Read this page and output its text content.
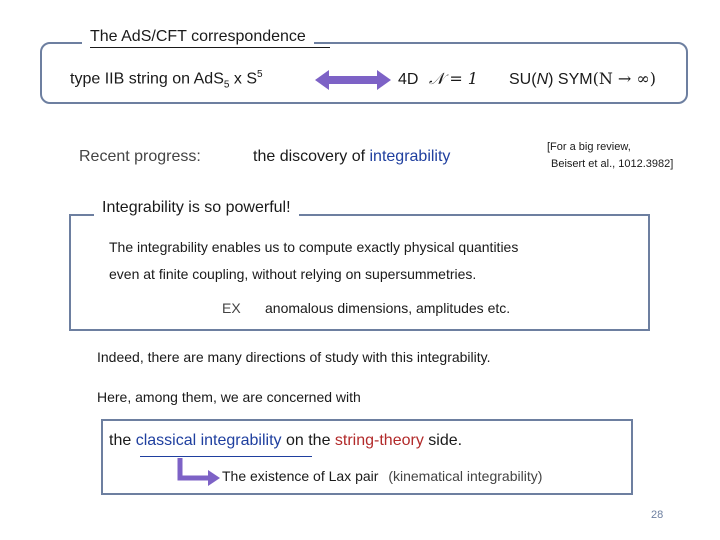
The AdS/CFT correspondence
type IIB string on AdS$_5$ x $S^5$	4D 𝒩 = 1 SU(N) SYM(N → ∞)
Recent progress:	the discovery of integrability
[For a big review,
Beisert et al., 1012.3982]
Integrability is so powerful!
The integrability enables us to compute exactly physical quantities
even at finite coupling, without relying on supersummetries.
EX anomalous dimensions, amplitudes etc.
Indeed, there are many directions of study with this integrability.
Here, among them, we are concerned with
the classical integrability on the string-theory side.
The existence of Lax pair (kinematical integrability)
28
